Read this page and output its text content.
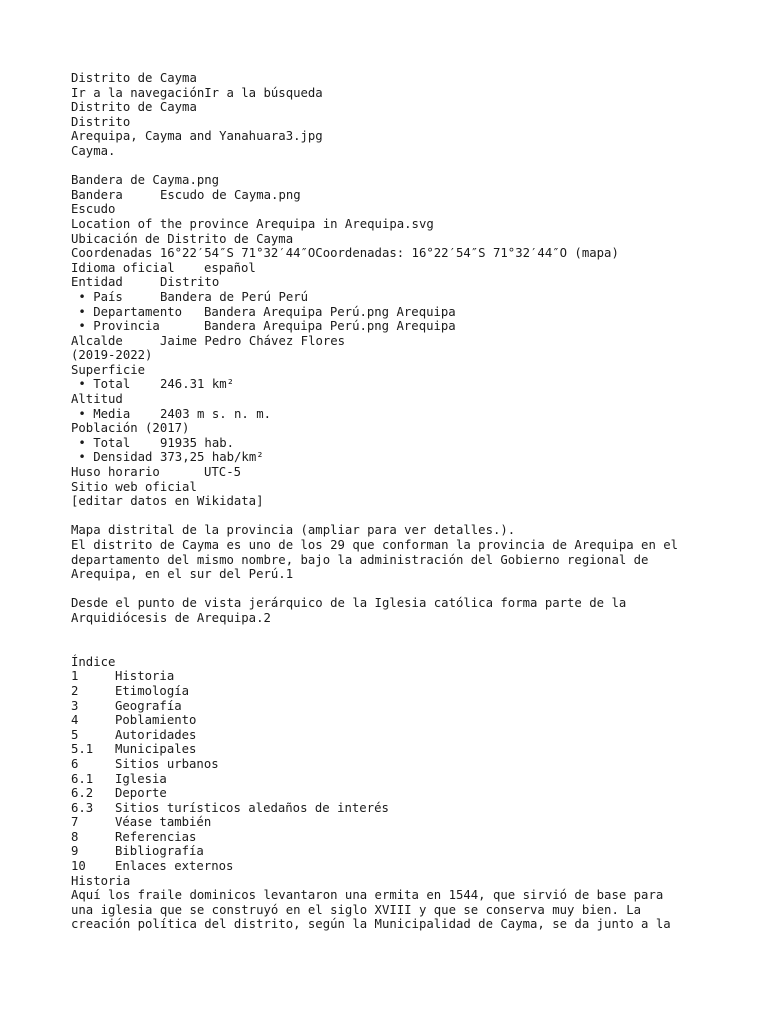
Distrito de Cayma
Ir a la navegaciónIr a la búsqueda
Distrito de Cayma
Distrito
Arequipa, Cayma and Yanahuara3.jpg
Cayma.
Bandera de Cayma.png
Bandera	Escudo de Cayma.png
Escudo
Location of the province Arequipa in Arequipa.svg
Ubicación de Distrito de Cayma
Coordenadas 16°22′54″S 71°32′44″OCoordenadas: 16°22′54″S 71°32′44″O (mapa)
Idioma oficial	español
Entidad	Distrito
• País	Bandera de Perú Perú
• Departamento	Bandera Arequipa Perú.png Arequipa
• Provincia	Bandera Arequipa Perú.png Arequipa
Alcalde	Jaime Pedro Chávez Flores
(2019-2022)
Superficie
• Total	246.31 km²
Altitud
• Media	2403 m s. n. m.
Población (2017)
• Total	91935 hab.
• Densidad 373,25 hab/km²
Huso horario	UTC-5
Sitio web oficial
[editar datos en Wikidata]
Mapa distrital de la provincia (ampliar para ver detalles.).
El distrito de Cayma es uno de los 29 que conforman la provincia de Arequipa en el
departamento del mismo nombre, bajo la administración del Gobierno regional de
Arequipa, en el sur del Perú.1
Desde el punto de vista jerárquico de la Iglesia católica forma parte de la
Arquidiócesis de Arequipa.2
Índice
1	Historia
2	Etimología
3	Geografía
4	Poblamiento
5	Autoridades
5.1	Municipales
6	Sitios urbanos
6.1	Iglesia
6.2	Deporte
6.3	Sitios turísticos aledaños de interés
7	Véase también
8	Referencias
9	Bibliografía
10	Enlaces externos
Historia
Aquí los fraile dominicos levantaron una ermita en 1544, que sirvió de base para
una iglesia que se construyó en el siglo XVIII y que se conserva muy bien. La
creación política del distrito, según la Municipalidad de Cayma, se da junto a la
